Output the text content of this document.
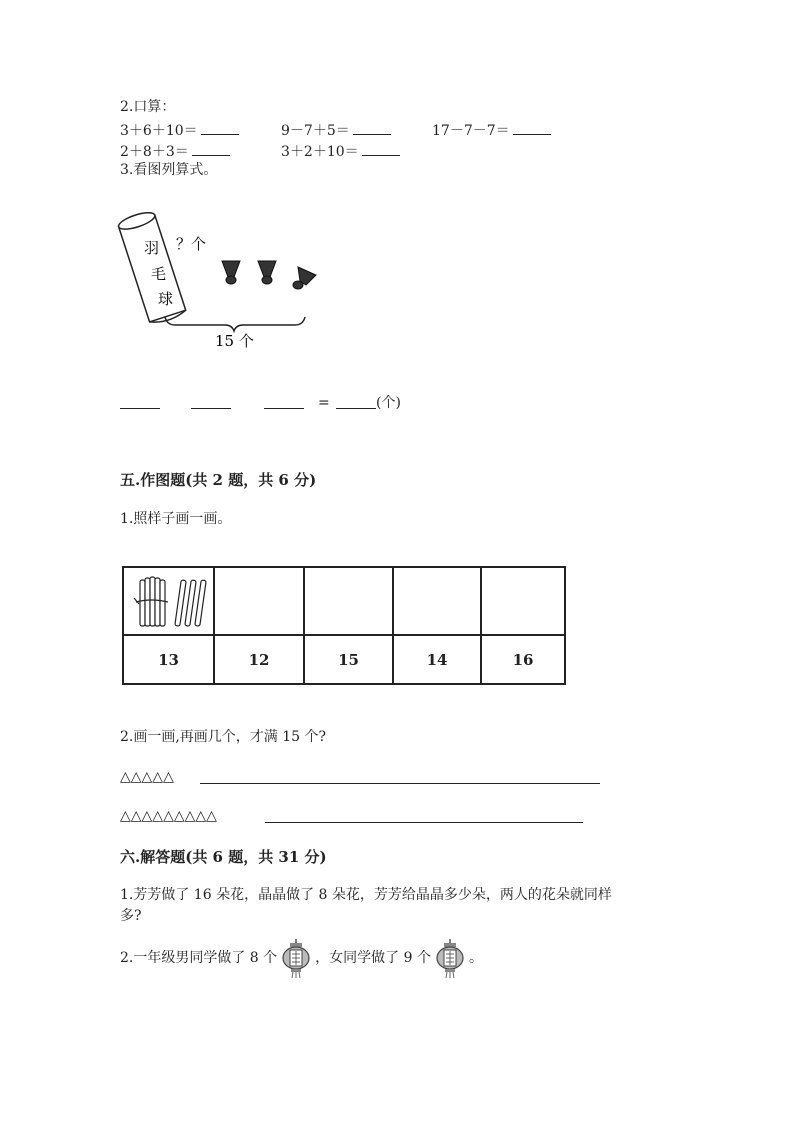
2.口算：
3＋6＋10＝	9－7＋5＝	17－7－7＝
2＋8＋3＝	3＋2＋10＝
3.看图列算式。
羽
毛
球
？个
15 个
=	(个)
五.作图题(共 2 题，共 6 分)
1.照样子画一画。

13	12	15	14	16
2.画一画,再画几个，才满 15 个?
△△△△△
△△△△△△△△△
六.解答题(共 6 题，共 31 分)
1.芳芳做了 16 朵花，晶晶做了 8 朵花，芳芳给晶晶多少朵，两人的花朵就同样
多?
2.一年级男同学做了 8 个	，女同学做了 9 个	。
